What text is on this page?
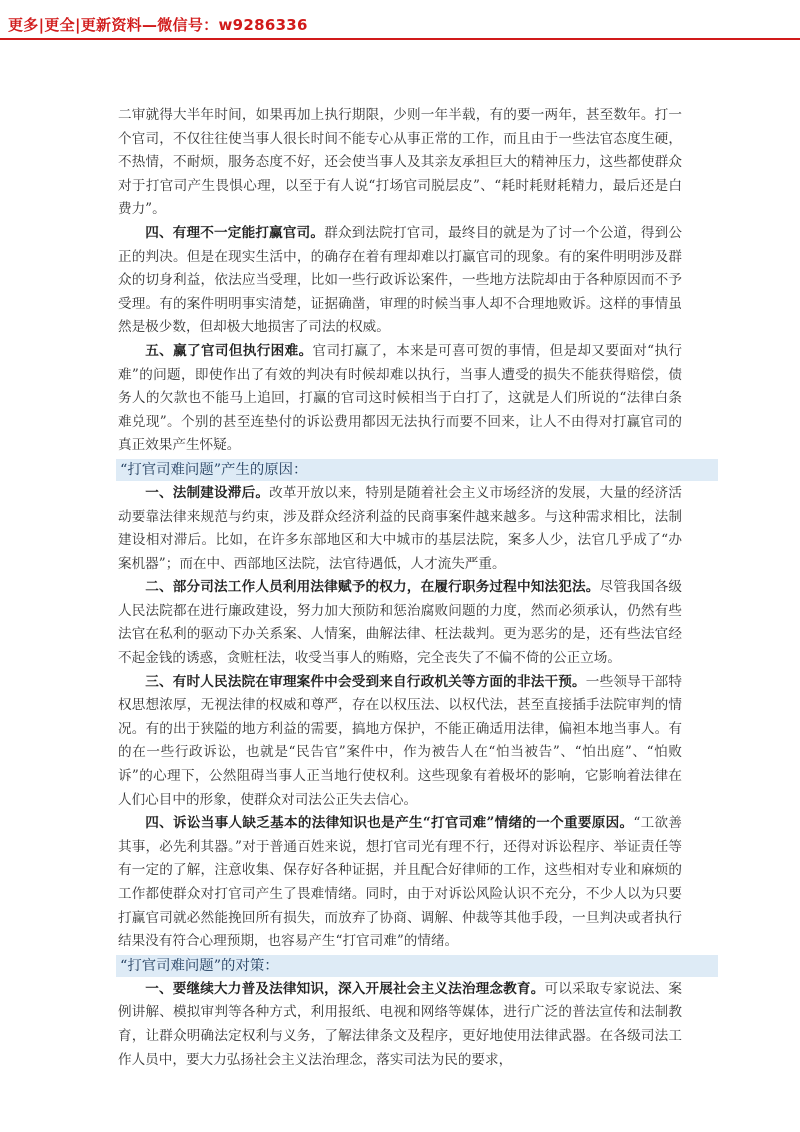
更多|更全|更新资料—微信号：w9286336

二审就得大半年时间，如果再加上执行期限，少则一年半载，有的要一两年，甚至数年。打一个官司，不仅往往使当事人很长时间不能专心从事正常的工作，而且由于一些法官态度生硬，不热情，不耐烦，服务态度不好，还会使当事人及其亲友承担巨大的精神压力，这些都使群众对于打官司产生畏惧心理，以至于有人说“打场官司脱层皮”、“耗时耗财耗精力，最后还是白费力”。

四、有理不一定能打赢官司。群众到法院打官司，最终目的就是为了讨一个公道，得到公正的判决。但是在现实生活中，的确存在着有理却难以打赢官司的现象。有的案件明明涉及群众的切身利益，依法应当受理，比如一些行政诉讼案件，一些地方法院却由于各种原因而不予受理。有的案件明明事实清楚，证据确凿，审理的时候当事人却不合理地败诉。这样的事情虽然是极少数，但却极大地损害了司法的权威。

五、赢了官司但执行困难。官司打赢了，本来是可喜可贺的事情，但是却又要面对“执行难”的问题，即使作出了有效的判决有时候却难以执行，当事人遭受的损失不能获得赔偿，债务人的欠款也不能马上追回，打赢的官司这时候相当于白打了，这就是人们所说的“法律白条难兑现”。个别的甚至连垫付的诉讼费用都因无法执行而要不回来，让人不由得对打赢官司的真正效果产生怀疑。

“打官司难问题”产生的原因：

一、法制建设滞后。改革开放以来，特别是随着社会主义市场经济的发展，大量的经济活动要靠法律来规范与约束，涉及群众经济利益的民商事案件越来越多。与这种需求相比，法制建设相对滞后。比如，在许多东部地区和大中城市的基层法院，案多人少，法官几乎成了“办案机器”；而在中、西部地区法院，法官待遇低，人才流失严重。

二、部分司法工作人员利用法律赋予的权力，在履行职务过程中知法犯法。尽管我国各级人民法院都在进行廉政建设，努力加大预防和惩治腐败问题的力度，然而必须承认，仍然有些法官在私利的驱动下办关系案、人情案，曲解法律、枉法裁判。更为恶劣的是，还有些法官经不起金钱的诱惑，贪赃枉法，收受当事人的贿赂，完全丧失了不偏不倚的公正立场。

三、有时人民法院在审理案件中会受到来自行政机关等方面的非法干预。一些领导干部特权思想浓厚，无视法律的权威和尊严，存在以权压法、以权代法，甚至直接插手法院审判的情况。有的出于狭隘的地方利益的需要，搞地方保护，不能正确适用法律，偏袒本地当事人。有的在一些行政诉讼，也就是“民告官”案件中，作为被告人在“怕当被告”、“怕出庭”、“怕败诉”的心理下，公然阻碍当事人正当地行使权利。这些现象有着极坏的影响，它影响着法律在人们心目中的形象，使群众对司法公正失去信心。

四、诉讼当事人缺乏基本的法律知识也是产生“打官司难”情绪的一个重要原因。“工欲善其事，必先利其器。”对于普通百姓来说，想打官司光有理不行，还得对诉讼程序、举证责任等有一定的了解，注意收集、保存好各种证据，并且配合好律师的工作，这些相对专业和麻烦的工作都使群众对打官司产生了畏难情绪。同时，由于对诉讼风险认识不充分，不少人以为只要打赢官司就必然能挽回所有损失，而放弃了协商、调解、仲裁等其他手段，一旦判决或者执行结果没有符合心理预期，也容易产生“打官司难”的情绪。

“打官司难问题”的对策：

一、要继续大力普及法律知识，深入开展社会主义法治理念教育。可以采取专家说法、案例讲解、模拟审判等各种方式，利用报纸、电视和网络等媒体，进行广泛的普法宣传和法制教育，让群众明确法定权利与义务，了解法律条文及程序，更好地使用法律武器。在各级司法工作人员中，要大力弘扬社会主义法治理念，落实司法为民的要求，
